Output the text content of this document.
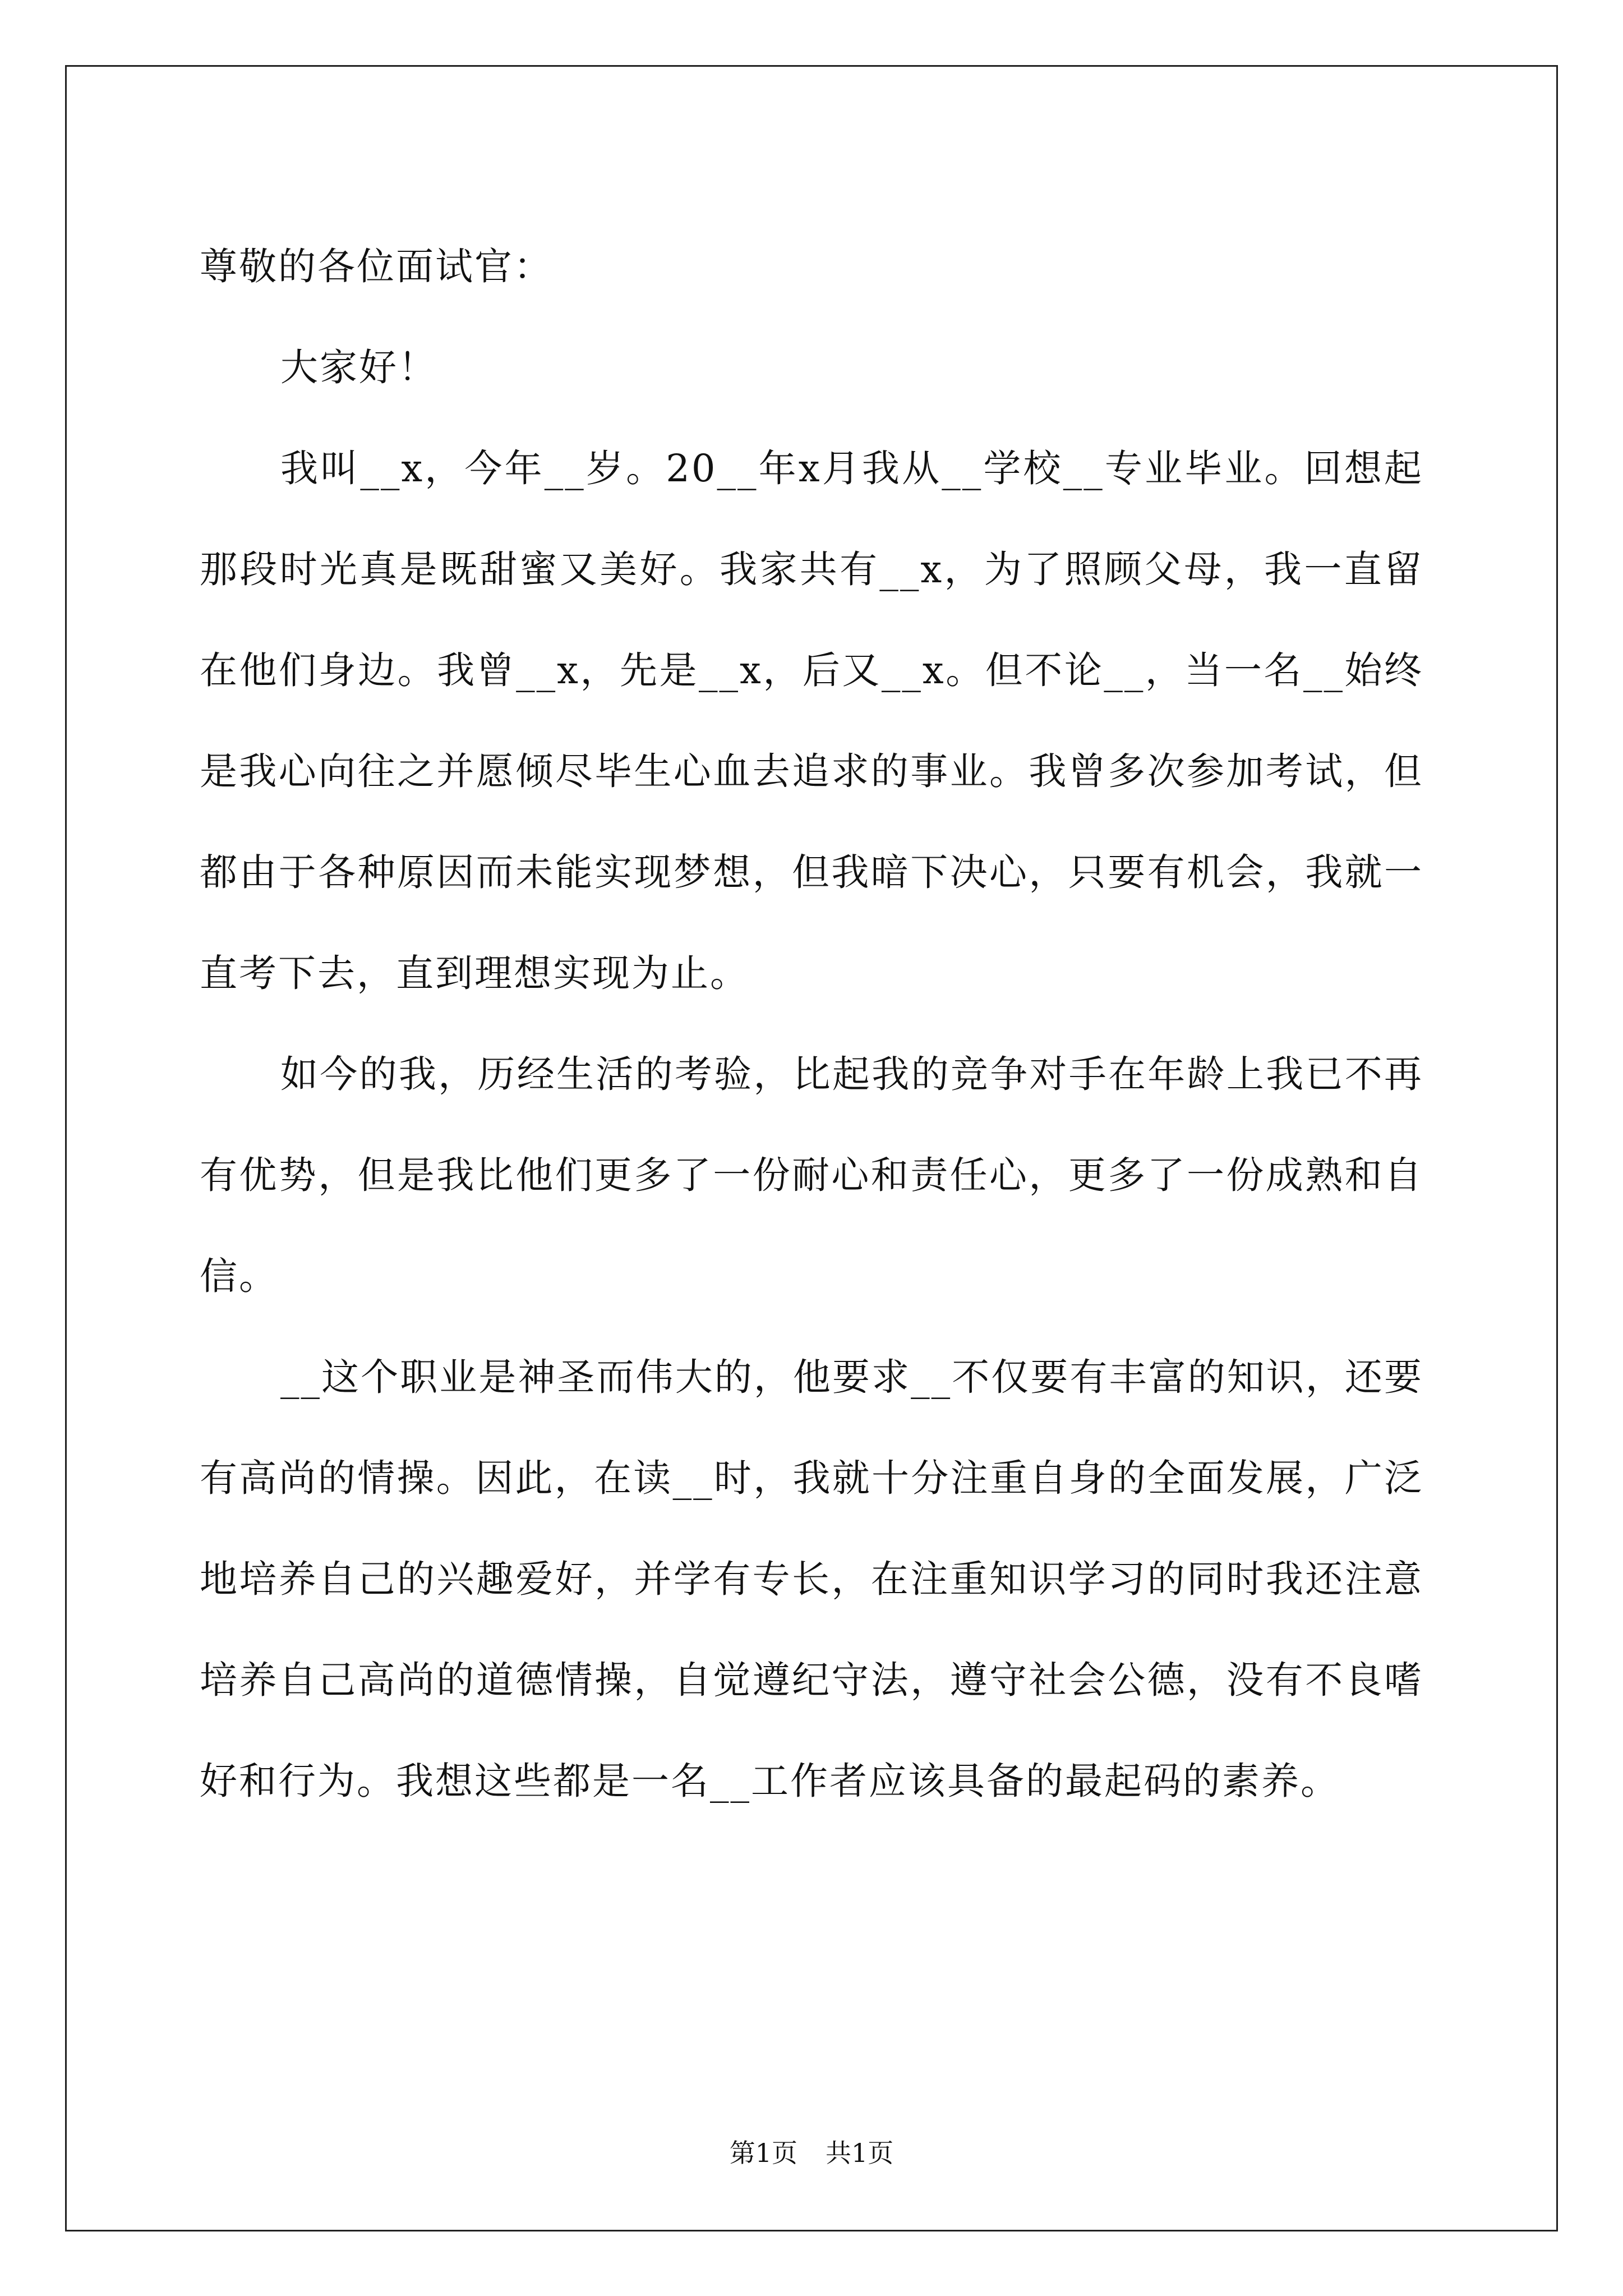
尊敬的各位面试官：

大家好！

我叫__x，今年__岁。20__年x月我从__学校__专业毕业。回想起那段时光真是既甜蜜又美好。我家共有__x，为了照顾父母，我一直留在他们身边。我曾__x，先是__x，后又__x。但不论__，当一名__始终是我心向往之并愿倾尽毕生心血去追求的事业。我曾多次参加考试，但都由于各种原因而未能实现梦想，但我暗下决心，只要有机会，我就一直考下去，直到理想实现为止。

如今的我，历经生活的考验，比起我的竞争对手在年龄上我已不再有优势，但是我比他们更多了一份耐心和责任心，更多了一份成熟和自信。

__这个职业是神圣而伟大的，他要求__不仅要有丰富的知识，还要有高尚的情操。因此，在读__时，我就十分注重自身的全面发展，广泛地培养自己的兴趣爱好，并学有专长，在注重知识学习的同时我还注意培养自己高尚的道德情操，自觉遵纪守法，遵守社会公德，没有不良嗜好和行为。我想这些都是一名__工作者应该具备的最起码的素养。

第1页 共1页
